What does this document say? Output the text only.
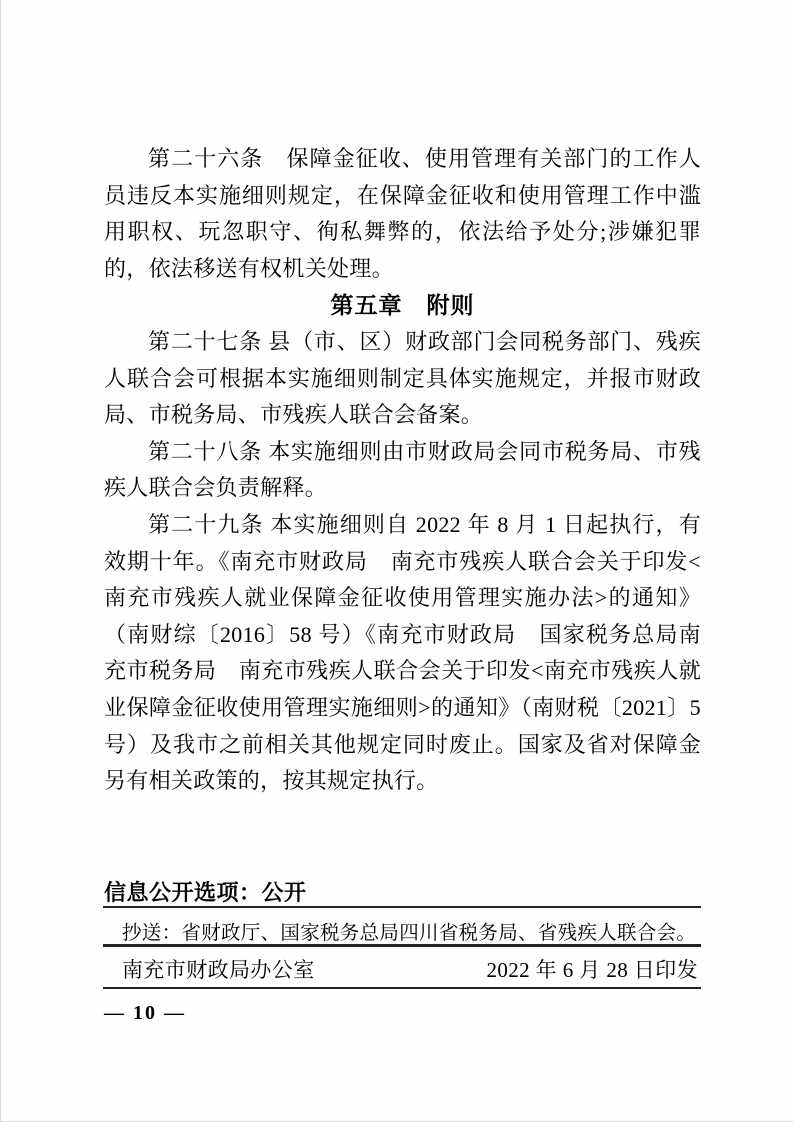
第二十六条　保障金征收、使用管理有关部门的工作人员违反本实施细则规定，在保障金征收和使用管理工作中滥用职权、玩忽职守、徇私舞弊的，依法给予处分;涉嫌犯罪的，依法移送有权机关处理。

第五章　附则

第二十七条 县（市、区）财政部门会同税务部门、残疾人联合会可根据本实施细则制定具体实施规定，并报市财政局、市税务局、市残疾人联合会备案。

第二十八条 本实施细则由市财政局会同市税务局、市残疾人联合会负责解释。

第二十九条 本实施细则自 2022 年 8 月 1 日起执行，有效期十年。《南充市财政局　南充市残疾人联合会关于印发<南充市残疾人就业保障金征收使用管理实施办法>的通知》（南财综〔2016〕58 号）《南充市财政局　国家税务总局南充市税务局　南充市残疾人联合会关于印发<南充市残疾人就业保障金征收使用管理实施细则>的通知》（南财税〔2021〕5 号）及我市之前相关其他规定同时废止。国家及省对保障金另有相关政策的，按其规定执行。

信息公开选项：公开
抄送：省财政厅、国家税务总局四川省税务局、省残疾人联合会。
南充市财政局办公室	2022 年 6 月 28 日印发
— 10 —
